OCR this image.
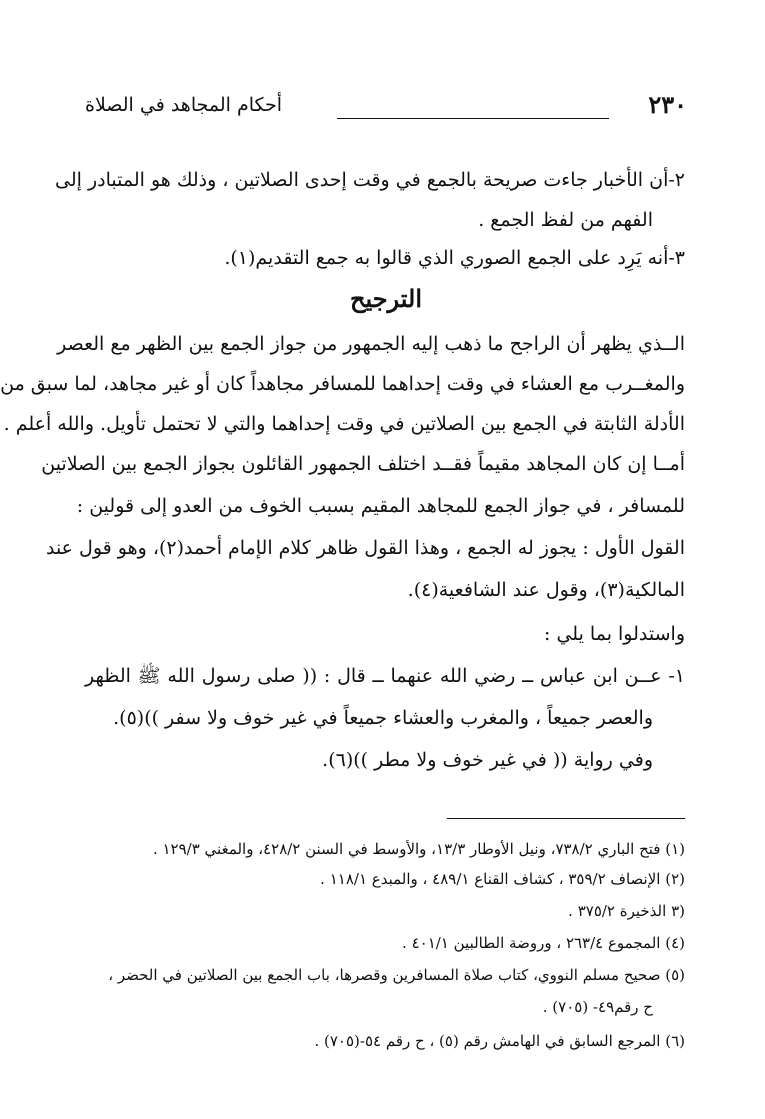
٢٣٠
أحكام المجاهد في الصلاة
٢-أن الأخبار جاءت صريحة بالجمع في وقت إحدى الصلاتين ، وذلك هو المتبادر إلى
الفهم من لفظ الجمع .
٣-أنه يَرِد على الجمع الصوري الذي قالوا به جمع التقديم(١).
الترجيح
الــذي يظهر أن الراجح ما ذهب إليه الجمهور من جواز الجمع بين الظهر مع العصر
والمغــرب مع العشاء في وقت إحداهما للمسافر مجاهداً كان أو غير مجاهد، لما سبق من
الأدلة الثابتة في الجمع بين الصلاتين في وقت إحداهما والتي لا تحتمل تأويل. والله أعلم .
أمــا إن كان المجاهد مقيماً فقــد اختلف الجمهور القائلون بجواز الجمع بين الصلاتين
للمسافر ، في جواز الجمع للمجاهد المقيم بسبب الخوف من العدو إلى قولين :
القول الأول : يجوز له الجمع ، وهذا القول ظاهر كلام الإمام أحمد(٢)، وهو قول عند
المالكية(٣)، وقول عند الشافعية(٤).
واستدلوا بما يلي :
١- عــن ابن عباس ــ رضي الله عنهما ــ قال : (( صلى رسول الله ﷺ الظهر
والعصر جميعاً ، والمغرب والعشاء جميعاً في غير خوف ولا سفر ))(٥).
وفي رواية (( في غير خوف ولا مطر ))(٦).
(١) فتح الباري ٧٣٨/٢، ونيل الأوطار ١٣/٣، والأوسط في السنن ٤٢٨/٢، والمغني ١٢٩/٣ .
(٢) الإنصاف ٣٥٩/٢ ، كشاف القناع ٤٨٩/١ ، والمبدع ١١٨/١ .
(٣ الذخيرة ٣٧٥/٢ .
(٤) المجموع ٢٦٣/٤ ، وروضة الطالبين ٤٠١/١ .
(٥) صحيح مسلم النووي، كتاب صلاة المسافرين وقصرها، باب الجمع بين الصلاتين في الحضر ،
ح رقم٤٩- (٧٠٥) .
(٦) المرجع السابق في الهامش رقم (٥) ، ح رقم ٥٤-(٧٠٥) .
